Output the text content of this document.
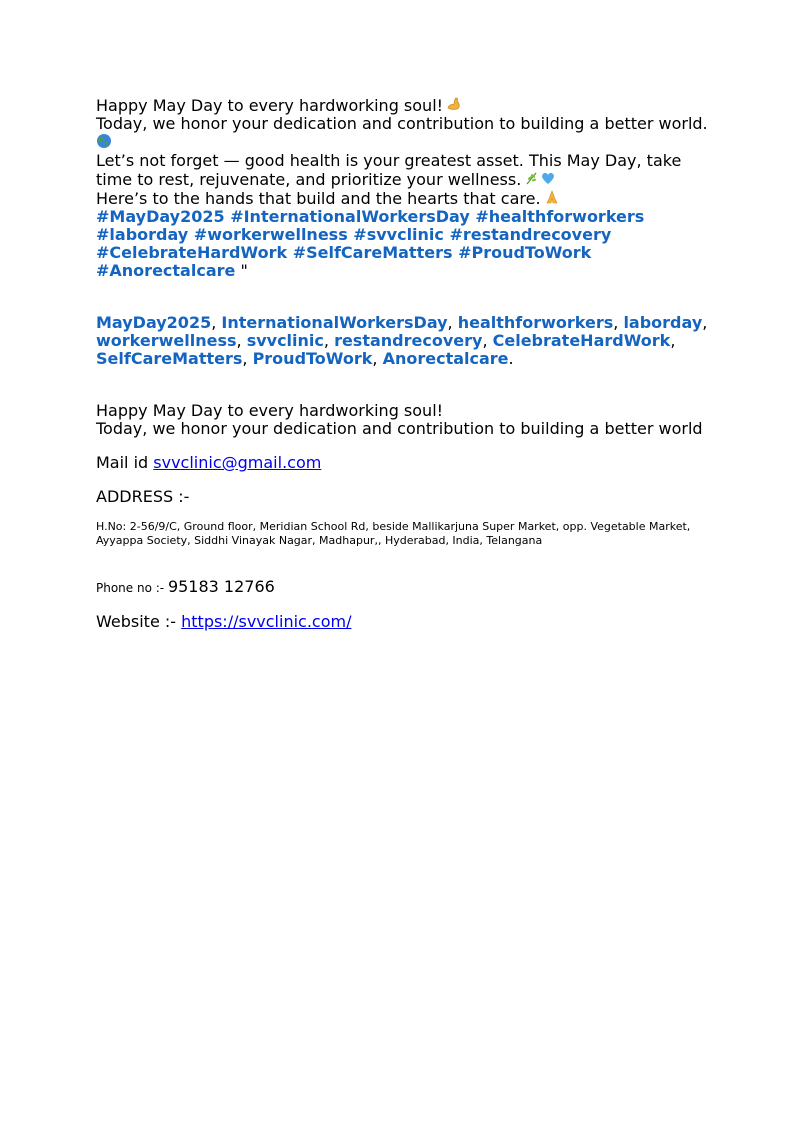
Happy May Day to every hardworking soul!

Today, we honor your dedication and contribution to building a better world.

Let’s not forget — good health is your greatest asset. This May Day, take time to rest, rejuvenate, and prioritize your wellness.

Here’s to the hands that build and the hearts that care.

#MayDay2025 #InternationalWorkersDay #healthforworkers
#laborday #workerwellness #svvclinic #restandrecovery
#CelebrateHardWork #SelfCareMatters #ProudToWork
#Anorectalcare "

MayDay2025, InternationalWorkersDay, healthforworkers, laborday,
workerwellness, svvclinic, restandrecovery, CelebrateHardWork,
SelfCareMatters, ProudToWork, Anorectalcare.

Happy May Day to every hardworking soul!

Today, we honor your dedication and contribution to building a better world

Mail id svvclinic@gmail.com

ADDRESS :-

H.No: 2-56/9/C, Ground floor, Meridian School Rd, beside Mallikarjuna Super Market, opp. Vegetable Market, Ayyappa Society, Siddhi Vinayak Nagar, Madhapur,, Hyderabad, India, Telangana

Phone no :- 95183 12766

Website :- https://svvclinic.com/
